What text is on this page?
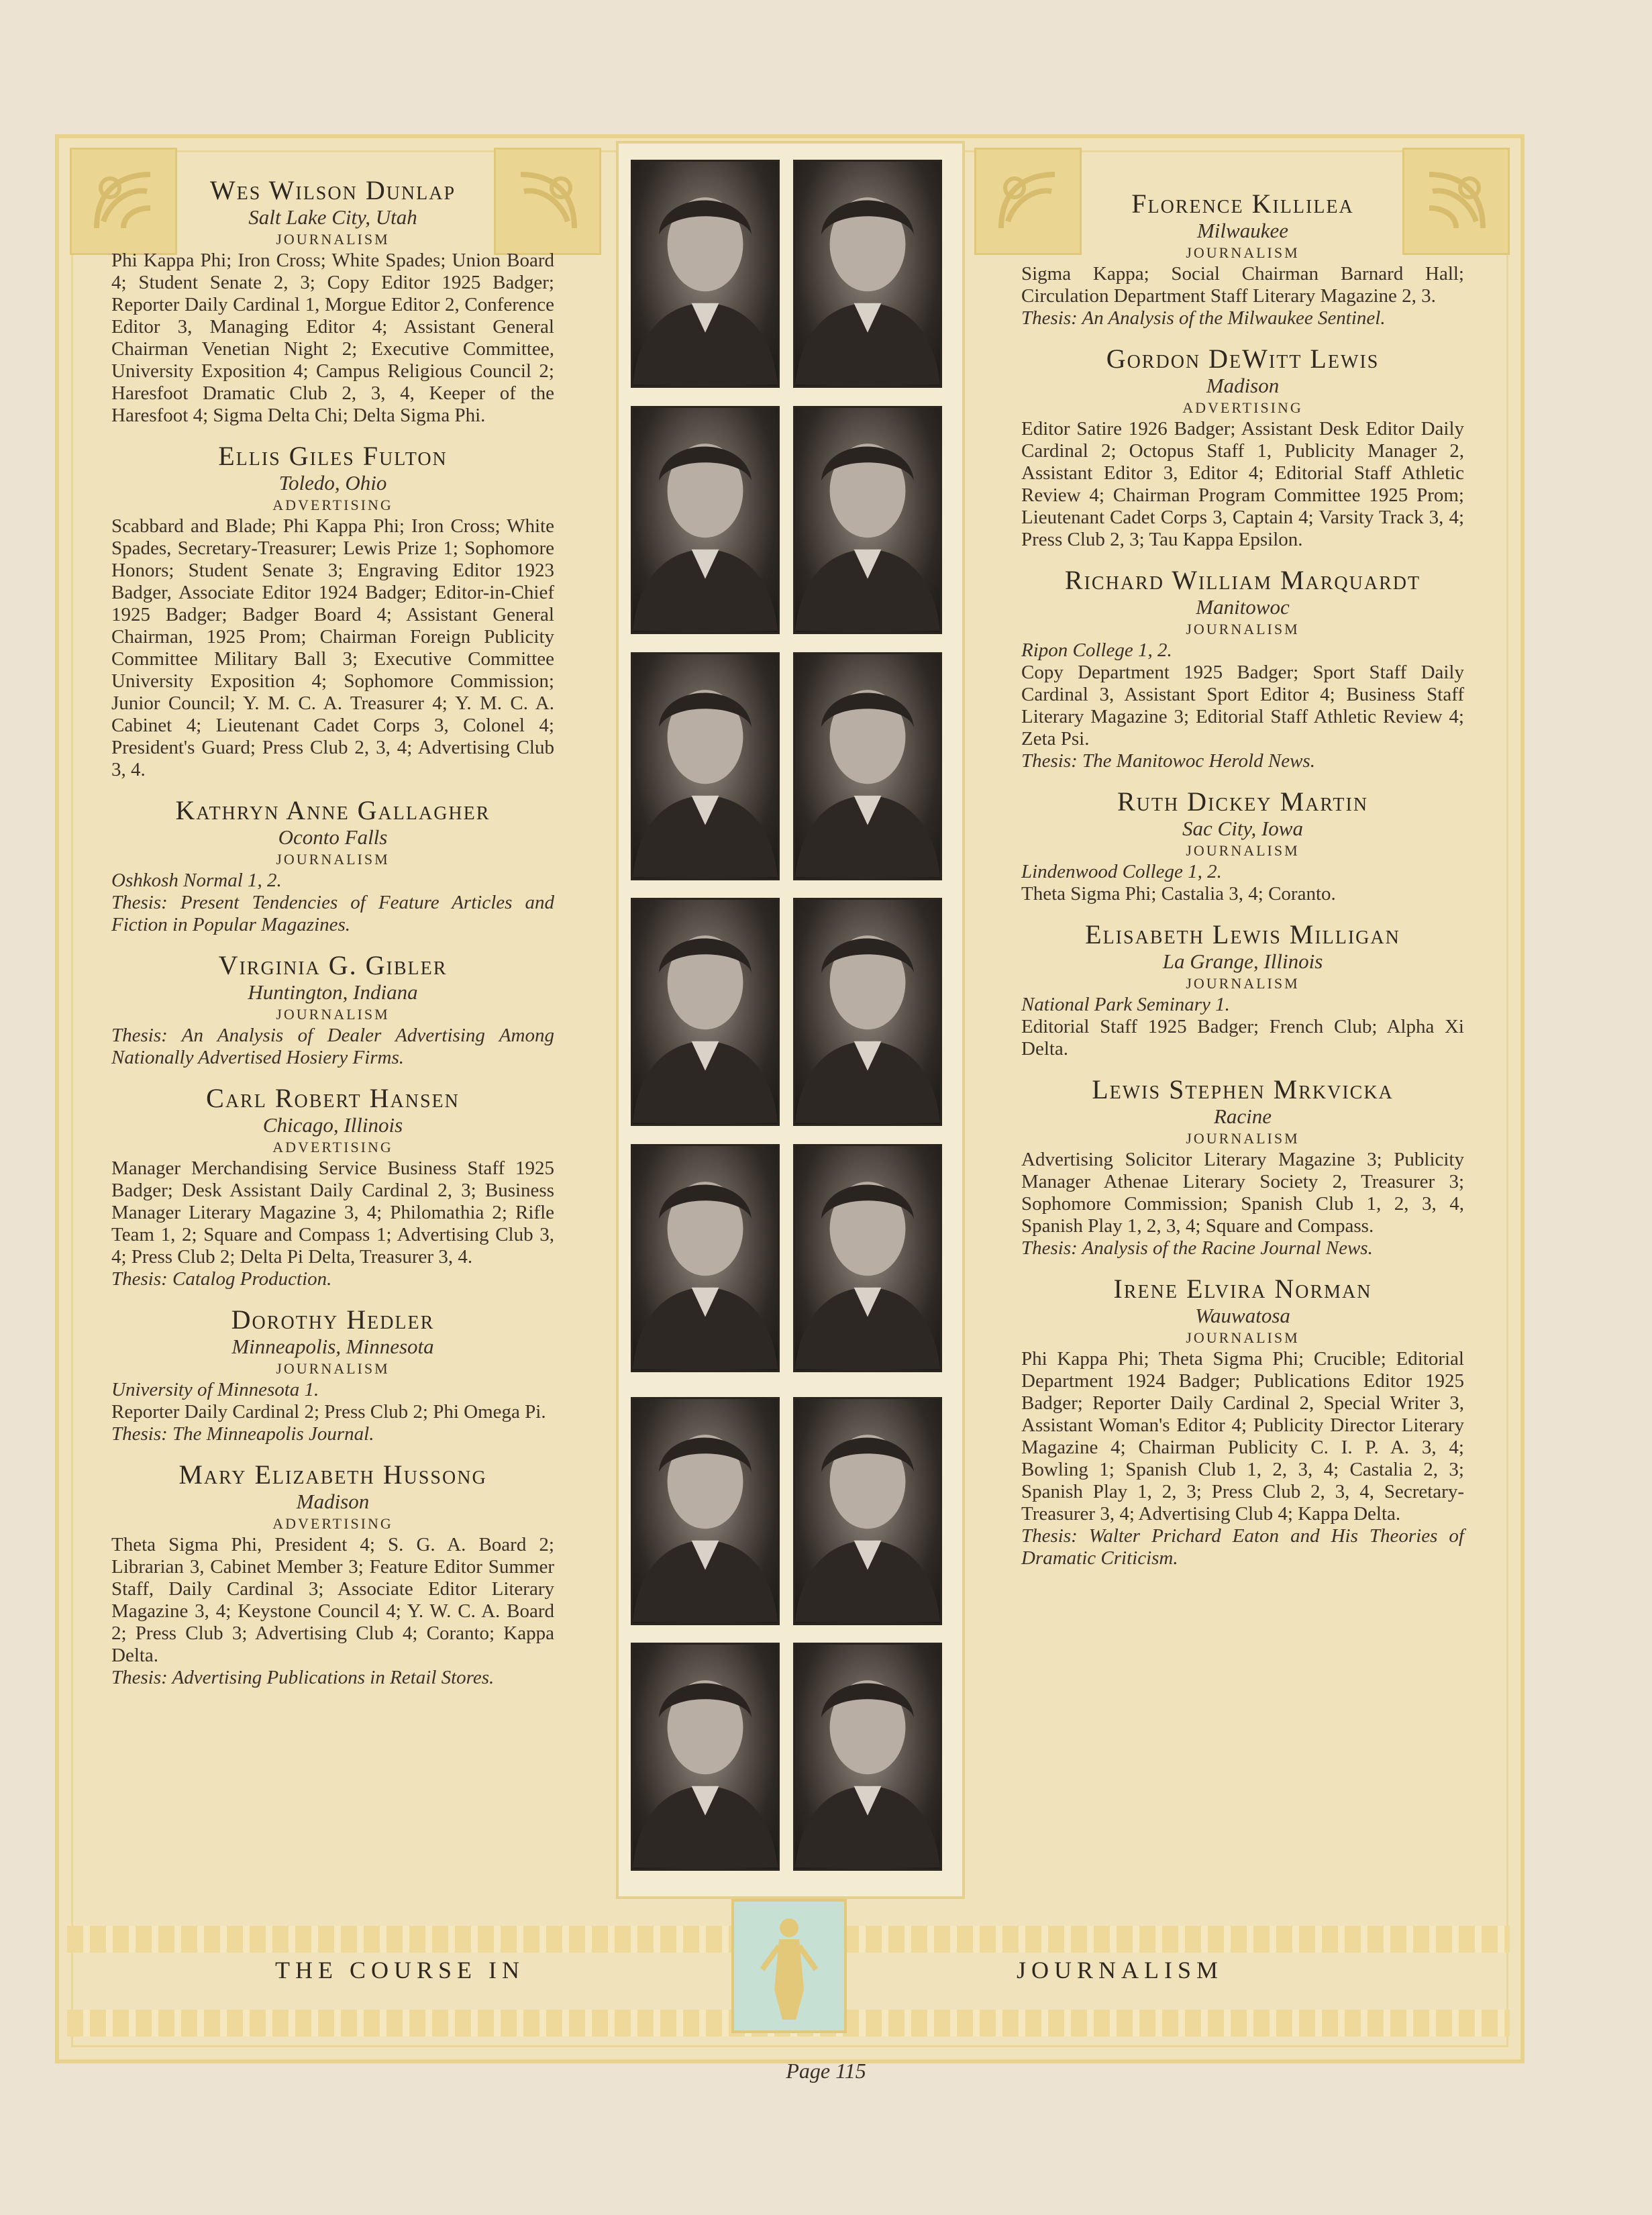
Wes Wilson Dunlap
Salt Lake City, Utah
JOURNALISM

Phi Kappa Phi; Iron Cross; White Spades; Union Board 4; Student Senate 2, 3; Copy Editor 1925 Badger; Reporter Daily Cardinal 1, Morgue Editor 2, Conference Editor 3, Managing Editor 4; Assistant General Chairman Venetian Night 2; Executive Committee, University Exposition 4; Campus Religious Council 2; Haresfoot Dramatic Club 2, 3, 4, Keeper of the Haresfoot 4; Sigma Delta Chi; Delta Sigma Phi.

Ellis Giles Fulton
Toledo, Ohio
ADVERTISING

Scabbard and Blade; Phi Kappa Phi; Iron Cross; White Spades, Secretary-Treasurer; Lewis Prize 1; Sophomore Honors; Student Senate 3; Engraving Editor 1923 Badger, Associate Editor 1924 Badger; Editor-in-Chief 1925 Badger; Badger Board 4; Assistant General Chairman, 1925 Prom; Chairman Foreign Publicity Committee Military Ball 3; Executive Committee University Exposition 4; Sophomore Commission; Junior Council; Y. M. C. A. Treasurer 4; Y. M. C. A. Cabinet 4; Lieutenant Cadet Corps 3, Colonel 4; President's Guard; Press Club 2, 3, 4; Advertising Club 3, 4.

Kathryn Anne Gallagher
Oconto Falls
JOURNALISM

Oshkosh Normal 1, 2.

Thesis: Present Tendencies of Feature Articles and Fiction in Popular Magazines.

Virginia G. Gibler
Huntington, Indiana
JOURNALISM

Thesis: An Analysis of Dealer Advertising Among Nationally Advertised Hosiery Firms.

Carl Robert Hansen
Chicago, Illinois
ADVERTISING

Manager Merchandising Service Business Staff 1925 Badger; Desk Assistant Daily Cardinal 2, 3; Business Manager Literary Magazine 3, 4; Philomathia 2; Rifle Team 1, 2; Square and Compass 1; Advertising Club 3, 4; Press Club 2; Delta Pi Delta, Treasurer 3, 4.

Thesis: Catalog Production.

Dorothy Hedler
Minneapolis, Minnesota
JOURNALISM

University of Minnesota 1.

Reporter Daily Cardinal 2; Press Club 2; Phi Omega Pi.

Thesis: The Minneapolis Journal.

Mary Elizabeth Hussong
Madison
ADVERTISING

Theta Sigma Phi, President 4; S. G. A. Board 2; Librarian 3, Cabinet Member 3; Feature Editor Summer Staff, Daily Cardinal 3; Associate Editor Literary Magazine 3, 4; Keystone Council 4; Y. W. C. A. Board 2; Press Club 3; Advertising Club 4; Coranto; Kappa Delta.

Thesis: Advertising Publications in Retail Stores.

Florence Killilea
Milwaukee
JOURNALISM

Sigma Kappa; Social Chairman Barnard Hall; Circulation Department Staff Literary Magazine 2, 3.

Thesis: An Analysis of the Milwaukee Sentinel.

Gordon DeWitt Lewis
Madison
ADVERTISING

Editor Satire 1926 Badger; Assistant Desk Editor Daily Cardinal 2; Octopus Staff 1, Publicity Manager 2, Assistant Editor 3, Editor 4; Editorial Staff Athletic Review 4; Chairman Program Committee 1925 Prom; Lieutenant Cadet Corps 3, Captain 4; Varsity Track 3, 4; Press Club 2, 3; Tau Kappa Epsilon.

Richard William Marquardt
Manitowoc
JOURNALISM

Ripon College 1, 2.

Copy Department 1925 Badger; Sport Staff Daily Cardinal 3, Assistant Sport Editor 4; Business Staff Literary Magazine 3; Editorial Staff Athletic Review 4; Zeta Psi.

Thesis: The Manitowoc Herold News.

Ruth Dickey Martin
Sac City, Iowa
JOURNALISM

Lindenwood College 1, 2.

Theta Sigma Phi; Castalia 3, 4; Coranto.

Elisabeth Lewis Milligan
La Grange, Illinois
JOURNALISM

National Park Seminary 1.

Editorial Staff 1925 Badger; French Club; Alpha Xi Delta.

Lewis Stephen Mrkvicka
Racine
JOURNALISM

Advertising Solicitor Literary Magazine 3; Publicity Manager Athenae Literary Society 2, Treasurer 3; Sophomore Commission; Spanish Club 1, 2, 3, 4, Spanish Play 1, 2, 3, 4; Square and Compass.

Thesis: Analysis of the Racine Journal News.

Irene Elvira Norman
Wauwatosa
JOURNALISM

Phi Kappa Phi; Theta Sigma Phi; Crucible; Editorial Department 1924 Badger; Publications Editor 1925 Badger; Reporter Daily Cardinal 2, Special Writer 3, Assistant Woman's Editor 4; Publicity Director Literary Magazine 4; Chairman Publicity C. I. P. A. 3, 4; Bowling 1; Spanish Club 1, 2, 3, 4; Castalia 2, 3; Spanish Play 1, 2, 3; Press Club 2, 3, 4, Secretary-Treasurer 3, 4; Advertising Club 4; Kappa Delta.

Thesis: Walter Prichard Eaton and His Theories of Dramatic Criticism.

THE COURSE IN	JOURNALISM
Page 115
